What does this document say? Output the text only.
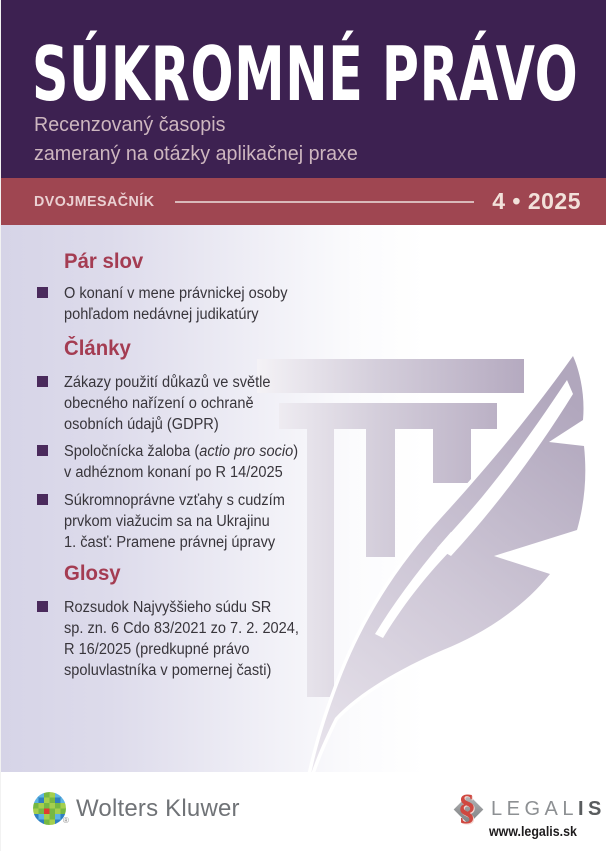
SÚKROMNÉ PRÁVO
Recenzovaný časopis
zameraný na otázky aplikačnej praxe
DVOJMESAČNÍK	4 • 2025
Pár slov
O konaní v mene právnickej osoby
pohľadom nedávnej judikatúry
Články
Zákazy použití důkazů ve světle
obecného nařízení o ochraně
osobních údajů (GDPR)
Spoločnícka žaloba (actio pro socio)
v adhéznom konaní po R 14/2025
Súkromnoprávne vzťahy s cudzím
prvkom viažucim sa na Ukrajinu
1. časť: Pramene právnej úpravy
Glosy
Rozsudok Najvyššieho súdu SR
sp. zn. 6 Cdo 83/2021 zo 7. 2. 2024,
R 16/2025 (predkupné právo
spoluvlastníka v pomernej časti)
® Wolters Kluwer	§ LEGALIS
www.legalis.sk
